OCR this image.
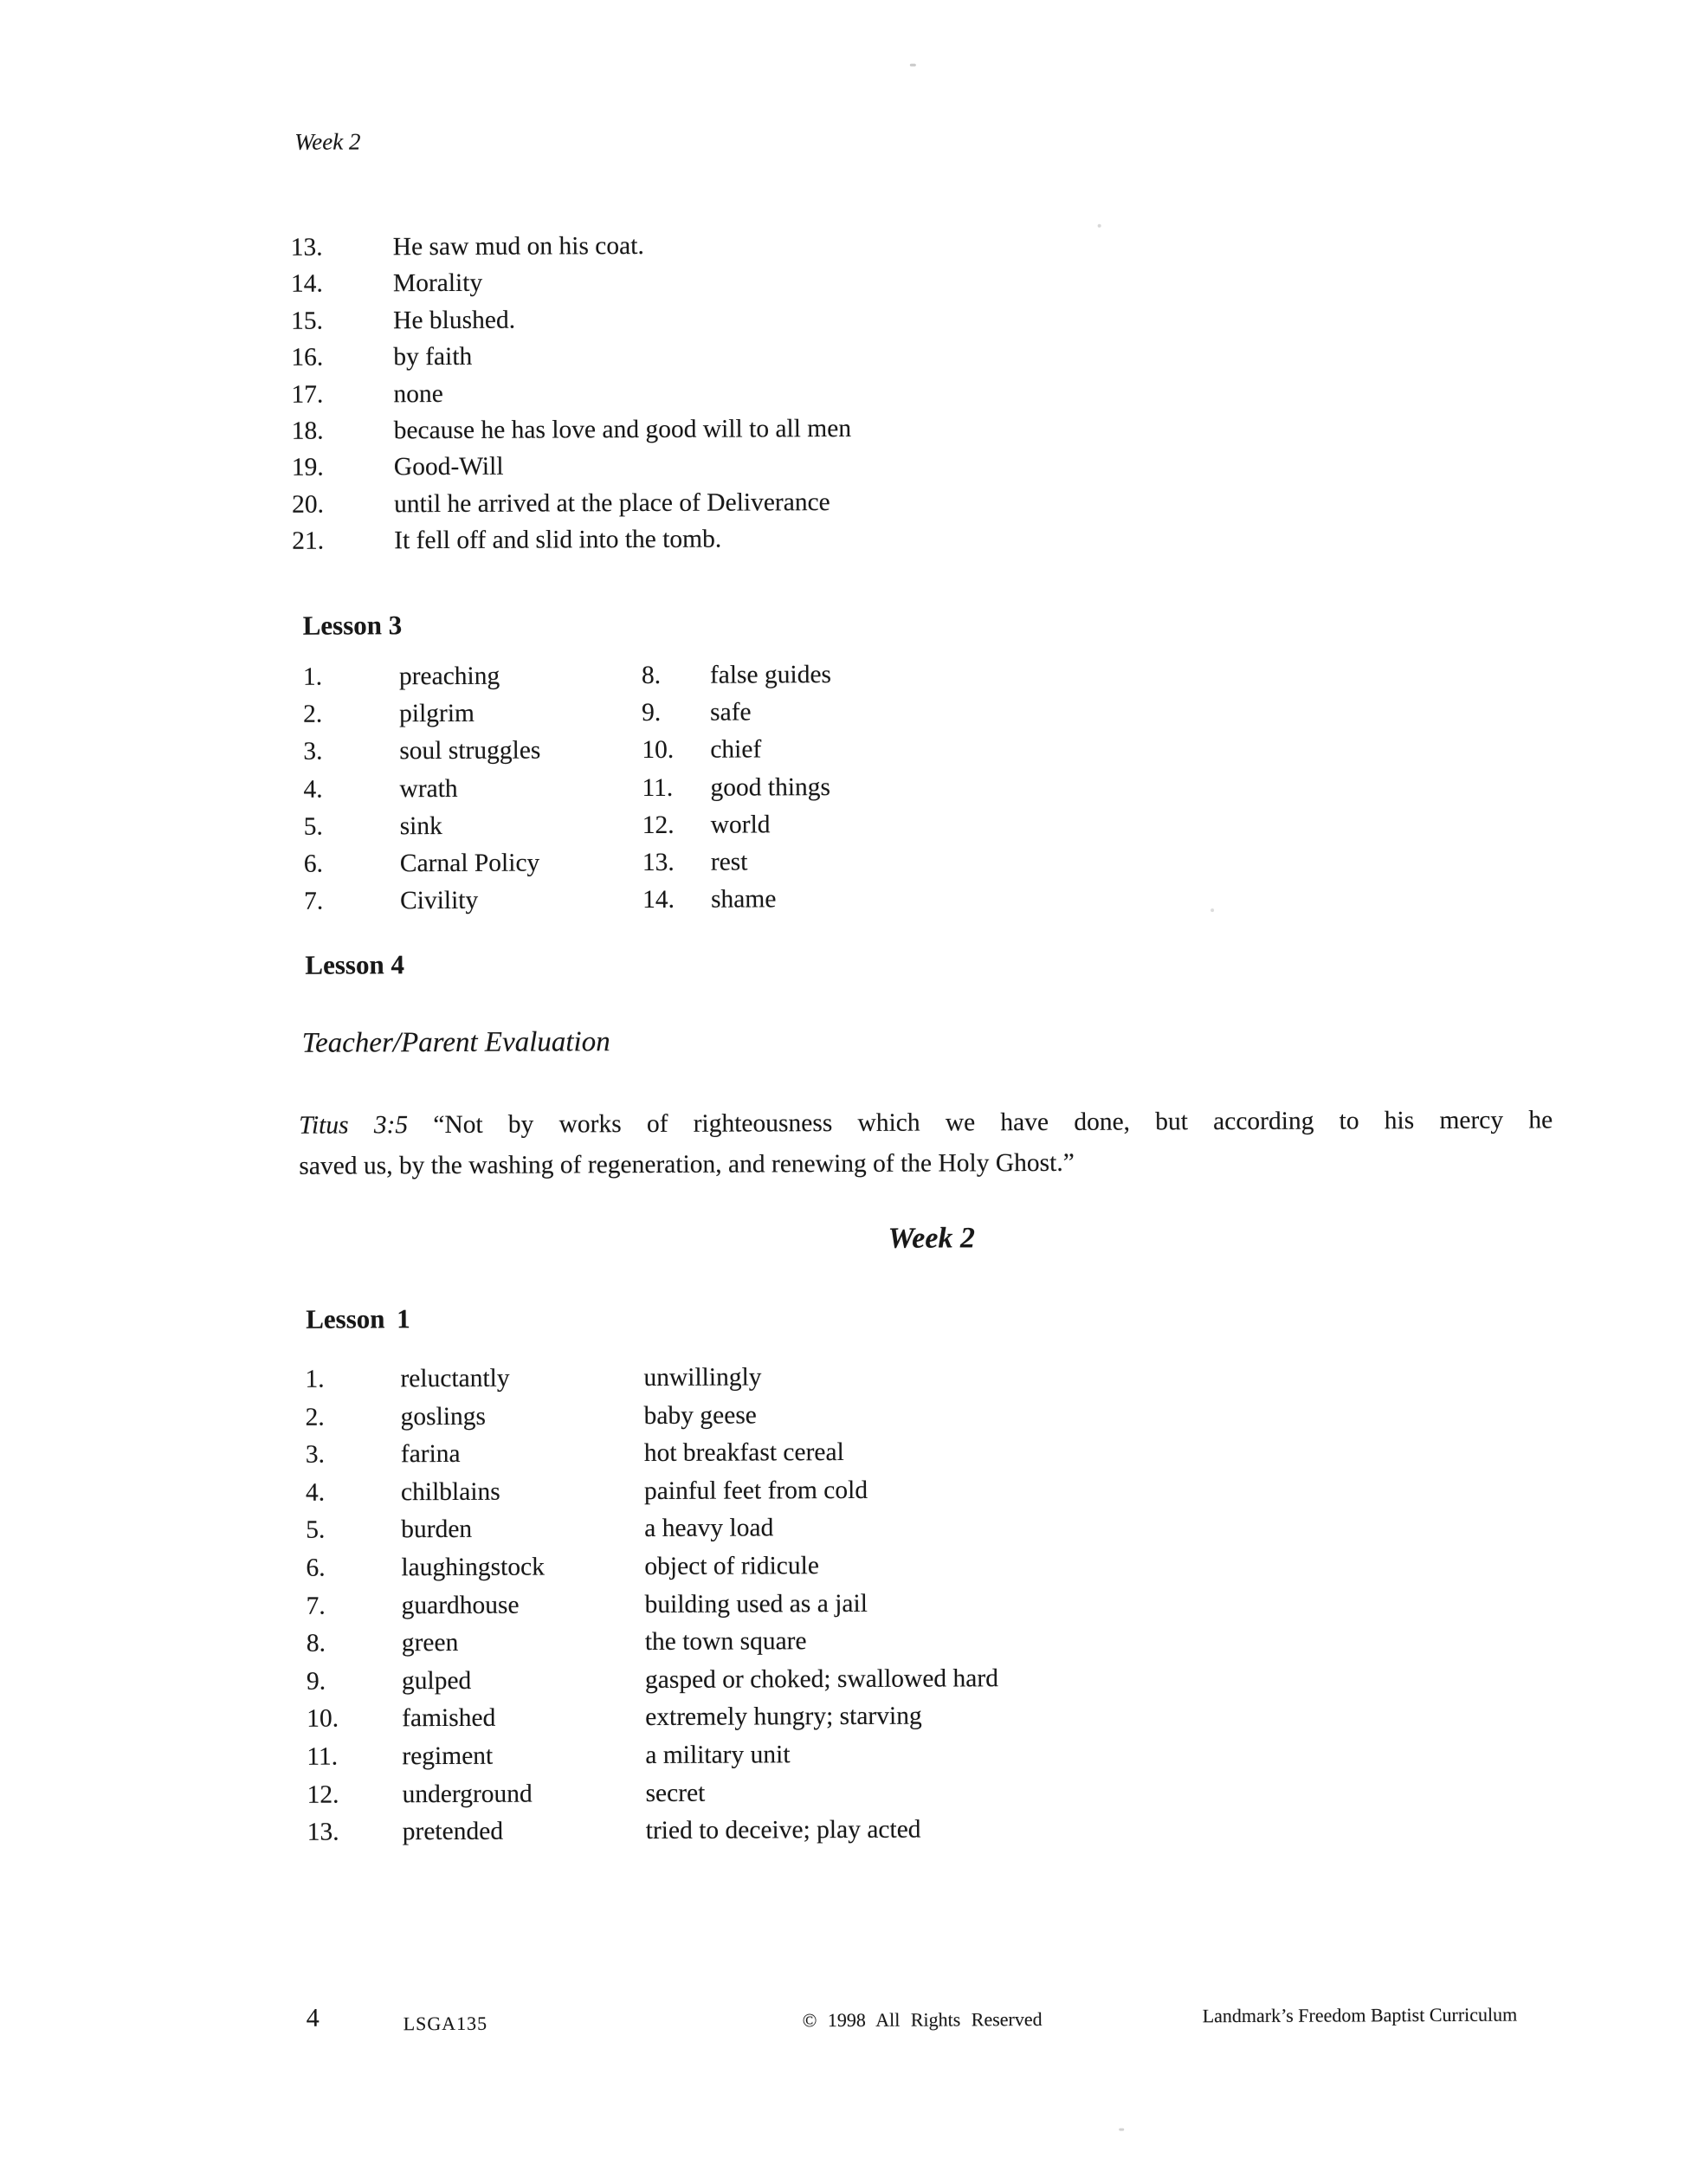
Week 2
13.	He saw mud on his coat.
14.	Morality
15.	He blushed.
16.	by faith
17.	none
18.	because he has love and good will to all men
19.	Good-Will
20.	until he arrived at the place of Deliverance
21.	It fell off and slid into the tomb.
Lesson 3
1.	preaching
2.	pilgrim
3.	soul struggles
4.	wrath
5.	sink
6.	Carnal Policy
7.	Civility
8.	false guides
9.	safe
10.	chief
11.	good things
12.	world
13.	rest
14.	shame
Lesson 4
Teacher/Parent Evaluation
Titus 3:5 “Not by works of righteousness which we have done, but according to his mercy he
saved us, by the washing of regeneration, and renewing of the Holy Ghost.”
Week 2
Lesson 1
1.	reluctantly	unwillingly
2.	goslings	baby geese
3.	farina	hot breakfast cereal
4.	chilblains	painful feet from cold
5.	burden	a heavy load
6.	laughingstock	object of ridicule
7.	guardhouse	building used as a jail
8.	green	the town square
9.	gulped	gasped or choked; swallowed hard
10.	famished	extremely hungry; starving
11.	regiment	a military unit
12.	underground	secret
13.	pretended	tried to deceive; play acted
4	LSGA135	© 1998 All Rights Reserved	Landmark’s Freedom Baptist Curriculum
